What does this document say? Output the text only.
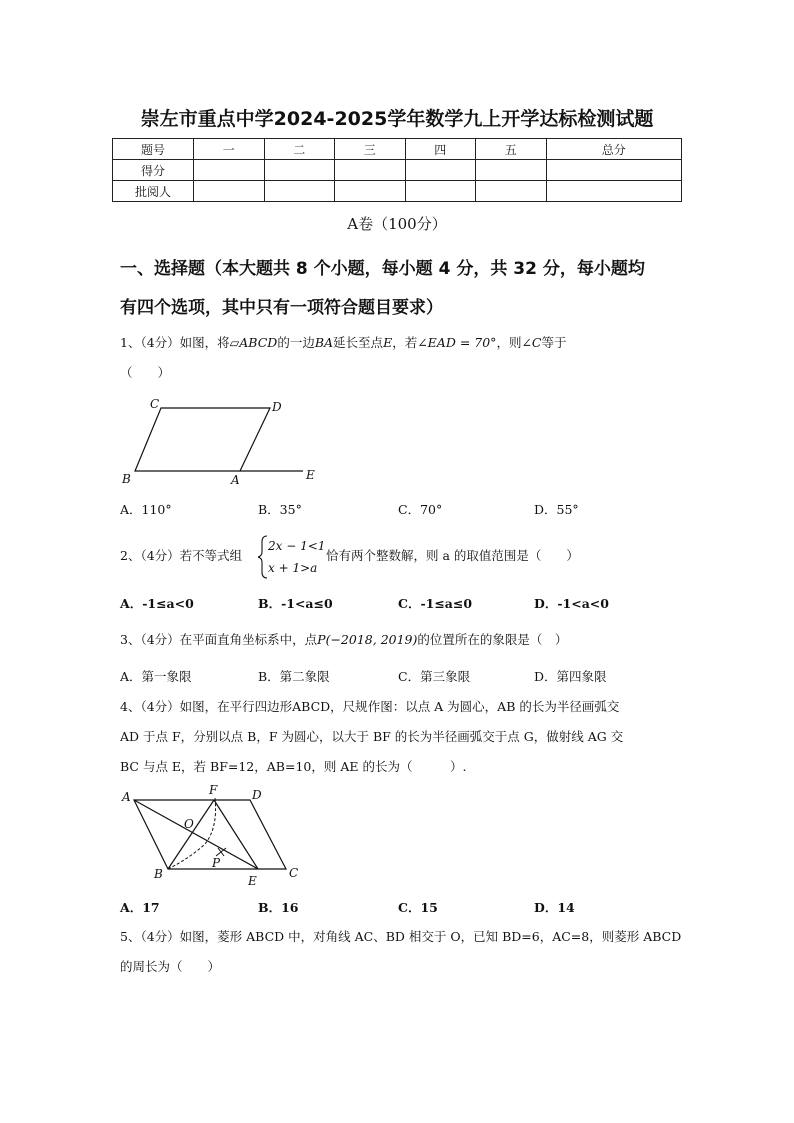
崇左市重点中学2024-2025学年数学九上开学达标检测试题
题号	一	二	三	四	五	总分
得分						
批阅人						
A卷（100分）
一、选择题（本大题共 8 个小题，每小题 4 分，共 32 分，每小题均
有四个选项，其中只有一项符合题目要求）
1、（4分）如图，将▱ABCD的一边BA延长至点E，若∠EAD = 70°，则∠C等于
（　　）
C	D
B	A	E
A．110°	B．35°	C．70°	D．55°
2、（4分）若不等式组
2x − 1<1
x + 1>a
恰有两个整数解，则 a 的取值范围是（　　）
A．-1≤a<0	B．-1<a≤0	C．-1≤a≤0	D．-1<a<0
3、（4分）在平面直角坐标系中，点P(−2018, 2019)的位置所在的象限是（　）
A．第一象限	B．第二象限	C．第三象限	D．第四象限
4、（4分）如图，在平行四边形ABCD，尺规作图：以点 A 为圆心，AB 的长为半径画弧交
AD 于点 F，分别以点 B，F 为圆心，以大于 BF 的长为半径画弧交于点 G，做射线 AG 交
BC 与点 E，若 BF=12，AB=10，则 AE 的长为（　　　）.
A	F	D
O
P
B	E
C
A．17	B．16	C．15	D．14
5、（4分）如图，菱形 ABCD 中，对角线 AC、BD 相交于 O，已知 BD=6，AC=8，则菱形 ABCD
的周长为（　　）
